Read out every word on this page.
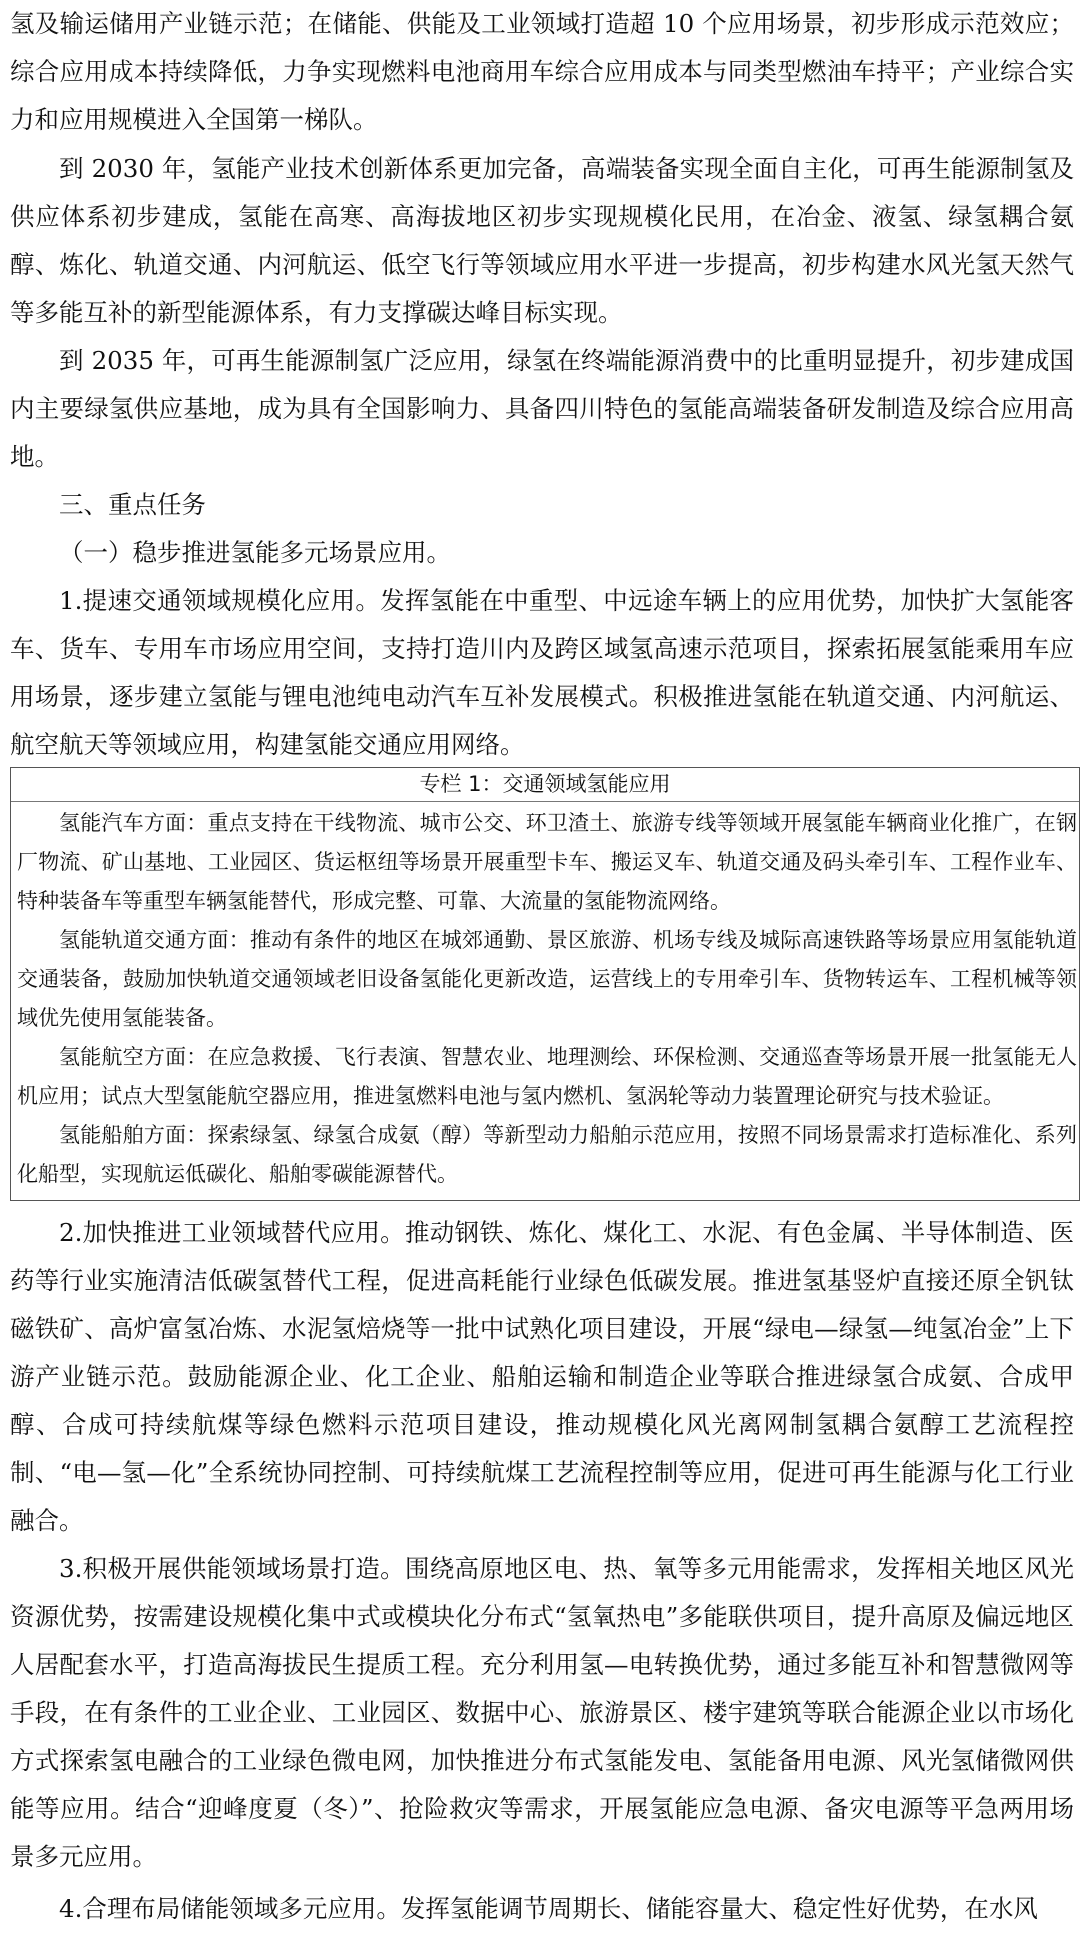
氢及输运储用产业链示范；在储能、供能及工业领域打造超 10 个应用场景，初步形成示范效应；综合应用成本持续降低，力争实现燃料电池商用车综合应用成本与同类型燃油车持平；产业综合实力和应用规模进入全国第一梯队。

到 2030 年，氢能产业技术创新体系更加完备，高端装备实现全面自主化，可再生能源制氢及供应体系初步建成，氢能在高寒、高海拔地区初步实现规模化民用，在冶金、液氢、绿氢耦合氨醇、炼化、轨道交通、内河航运、低空飞行等领域应用水平进一步提高，初步构建水风光氢天然气等多能互补的新型能源体系，有力支撑碳达峰目标实现。

到 2035 年，可再生能源制氢广泛应用，绿氢在终端能源消费中的比重明显提升，初步建成国内主要绿氢供应基地，成为具有全国影响力、具备四川特色的氢能高端装备研发制造及综合应用高地。

三、重点任务

（一）稳步推进氢能多元场景应用。

1.提速交通领域规模化应用。发挥氢能在中重型、中远途车辆上的应用优势，加快扩大氢能客车、货车、专用车市场应用空间，支持打造川内及跨区域氢高速示范项目，探索拓展氢能乘用车应用场景，逐步建立氢能与锂电池纯电动汽车互补发展模式。积极推进氢能在轨道交通、内河航运、航空航天等领域应用，构建氢能交通应用网络。

专栏 1：交通领域氢能应用

氢能汽车方面：重点支持在干线物流、城市公交、环卫渣土、旅游专线等领域开展氢能车辆商业化推广，在钢厂物流、矿山基地、工业园区、货运枢纽等场景开展重型卡车、搬运叉车、轨道交通及码头牵引车、工程作业车、特种装备车等重型车辆氢能替代，形成完整、可靠、大流量的氢能物流网络。

氢能轨道交通方面：推动有条件的地区在城郊通勤、景区旅游、机场专线及城际高速铁路等场景应用氢能轨道交通装备，鼓励加快轨道交通领域老旧设备氢能化更新改造，运营线上的专用牵引车、货物转运车、工程机械等领域优先使用氢能装备。

氢能航空方面：在应急救援、飞行表演、智慧农业、地理测绘、环保检测、交通巡查等场景开展一批氢能无人机应用；试点大型氢能航空器应用，推进氢燃料电池与氢内燃机、氢涡轮等动力装置理论研究与技术验证。

氢能船舶方面：探索绿氢、绿氢合成氨（醇）等新型动力船舶示范应用，按照不同场景需求打造标准化、系列化船型，实现航运低碳化、船舶零碳能源替代。

2.加快推进工业领域替代应用。推动钢铁、炼化、煤化工、水泥、有色金属、半导体制造、医药等行业实施清洁低碳氢替代工程，促进高耗能行业绿色低碳发展。推进氢基竖炉直接还原全钒钛磁铁矿、高炉富氢冶炼、水泥氢焙烧等一批中试熟化项目建设，开展“绿电—绿氢—纯氢冶金”上下游产业链示范。鼓励能源企业、化工企业、船舶运输和制造企业等联合推进绿氢合成氨、合成甲醇、合成可持续航煤等绿色燃料示范项目建设，推动规模化风光离网制氢耦合氨醇工艺流程控制、“电—氢—化”全系统协同控制、可持续航煤工艺流程控制等应用，促进可再生能源与化工行业融合。

3.积极开展供能领域场景打造。围绕高原地区电、热、氧等多元用能需求，发挥相关地区风光资源优势，按需建设规模化集中式或模块化分布式“氢氧热电”多能联供项目，提升高原及偏远地区人居配套水平，打造高海拔民生提质工程。充分利用氢—电转换优势，通过多能互补和智慧微网等手段，在有条件的工业企业、工业园区、数据中心、旅游景区、楼宇建筑等联合能源企业以市场化方式探索氢电融合的工业绿色微电网，加快推进分布式氢能发电、氢能备用电源、风光氢储微网供能等应用。结合“迎峰度夏（冬）”、抢险救灾等需求，开展氢能应急电源、备灾电源等平急两用场景多元应用。

4.合理布局储能领域多元应用。发挥氢能调节周期长、储能容量大、稳定性好优势，在水风
